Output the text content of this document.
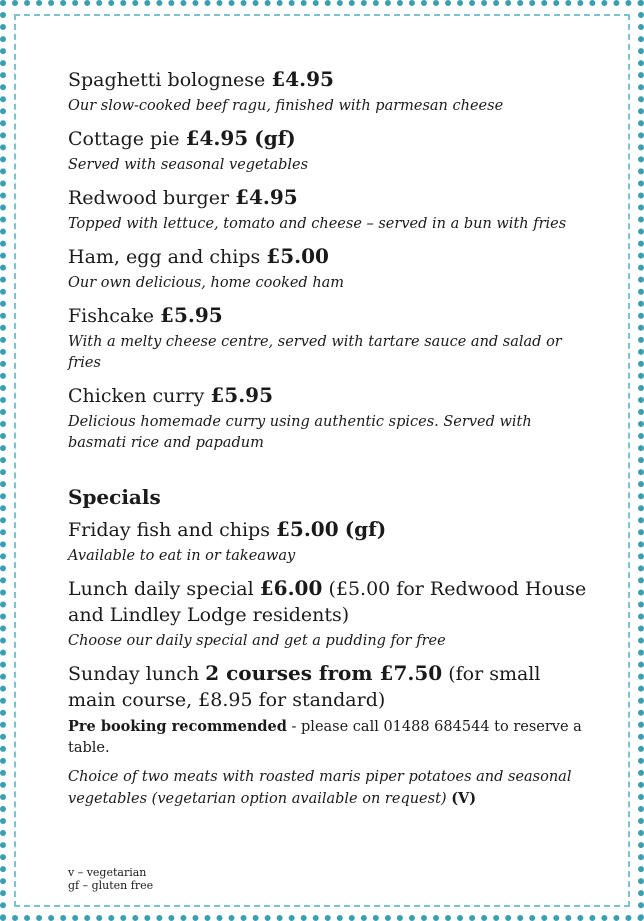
Spaghetti bolognese £4.95

Our slow-cooked beef ragu, finished with parmesan cheese

Cottage pie £4.95 (gf)

Served with seasonal vegetables

Redwood burger £4.95

Topped with lettuce, tomato and cheese – served in a bun with fries

Ham, egg and chips £5.00

Our own delicious, home cooked ham

Fishcake £5.95

With a melty cheese centre, served with tartare sauce and salad or fries

Chicken curry £5.95

Delicious homemade curry using authentic spices. Served with basmati rice and papadum

Specials

Friday fish and chips £5.00 (gf)

Available to eat in or takeaway

Lunch daily special £6.00 (£5.00 for Redwood House and Lindley Lodge residents)

Choose our daily special and get a pudding for free

Sunday lunch 2 courses from £7.50 (for small main course, £8.95 for standard)

Pre booking recommended - please call 01488 684544 to reserve a table.

Choice of two meats with roasted maris piper potatoes and seasonal vegetables (vegetarian option available on request) (V)

v – vegetarian
gf – gluten free
